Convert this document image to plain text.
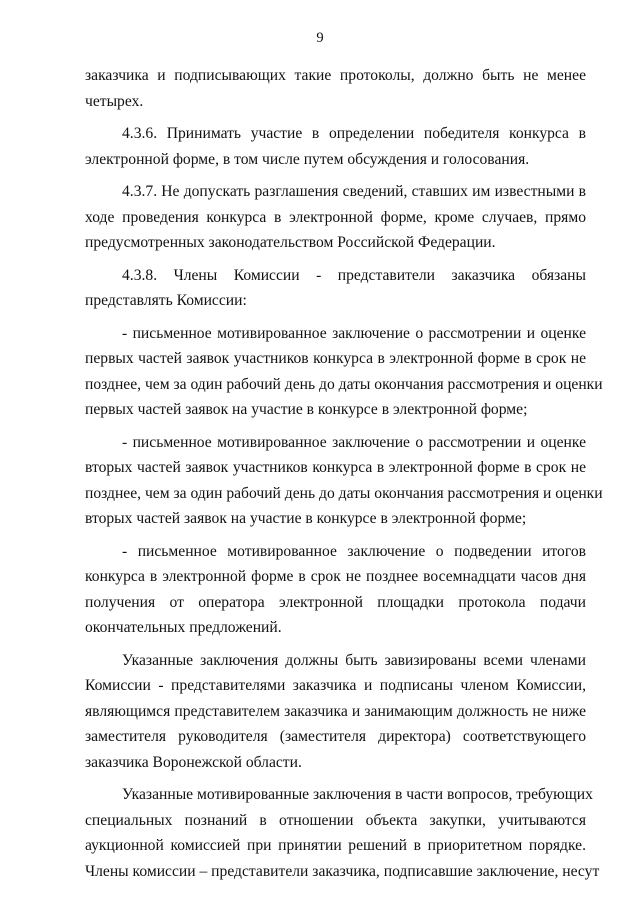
9
заказчика и подписывающих такие протоколы, должно быть не менее
четырех.
4.3.6. Принимать участие в определении победителя конкурса в
электронной форме, в том числе путем обсуждения и голосования.
4.3.7. Не допускать разглашения сведений, ставших им известными в
ходе проведения конкурса в электронной форме, кроме случаев, прямо
предусмотренных законодательством Российской Федерации.
4.3.8. Члены Комиссии - представители заказчика обязаны
представлять Комиссии:
- письменное мотивированное заключение о рассмотрении и оценке
первых частей заявок участников конкурса в электронной форме в срок не
позднее, чем за один рабочий день до даты окончания рассмотрения и оценки
первых частей заявок на участие в конкурсе в электронной форме;
- письменное мотивированное заключение о рассмотрении и оценке
вторых частей заявок участников конкурса в электронной форме в срок не
позднее, чем за один рабочий день до даты окончания рассмотрения и оценки
вторых частей заявок на участие в конкурсе в электронной форме;
- письменное мотивированное заключение о подведении итогов
конкурса в электронной форме в срок не позднее восемнадцати часов дня
получения от оператора электронной площадки протокола подачи
окончательных предложений.
Указанные заключения должны быть завизированы всеми членами
Комиссии - представителями заказчика и подписаны членом Комиссии,
являющимся представителем заказчика и занимающим должность не ниже
заместителя руководителя (заместителя директора) соответствующего
заказчика Воронежской области.
Указанные мотивированные заключения в части вопросов, требующих
специальных познаний в отношении объекта закупки, учитываются
аукционной комиссией при принятии решений в приоритетном порядке.
Члены комиссии – представители заказчика, подписавшие заключение, несут
